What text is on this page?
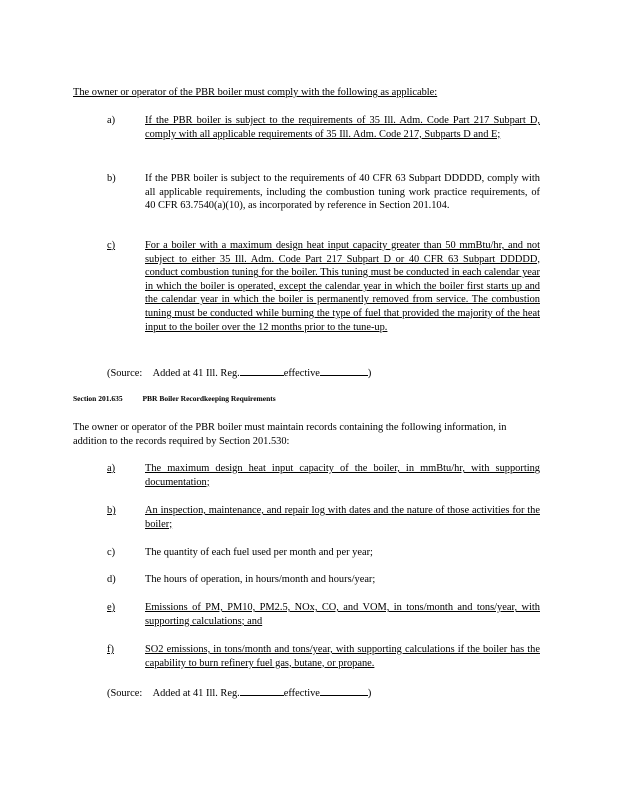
The owner or operator of the PBR boiler must comply with the following as applicable:
a)	If the PBR boiler is subject to the requirements of 35 Ill. Adm. Code Part 217 Subpart D, comply with all applicable requirements of 35 Ill. Adm. Code 217, Subparts D and E;
b)	If the PBR boiler is subject to the requirements of 40 CFR 63 Subpart DDDDD, comply with all applicable requirements, including the combustion tuning work practice requirements, of 40 CFR 63.7540(a)(10), as incorporated by reference in Section 201.104.
c)	For a boiler with a maximum design heat input capacity greater than 50 mmBtu/hr, and not subject to either 35 Ill. Adm. Code Part 217 Subpart D or 40 CFR 63 Subpart DDDDD, conduct combustion tuning for the boiler. This tuning must be conducted in each calendar year in which the boiler is operated, except the calendar year in which the boiler first starts up and the calendar year in which the boiler is permanently removed from service. The combustion tuning must be conducted while burning the type of fuel that provided the majority of the heat input to the boiler over the 12 months prior to the tune-up.
(Source: Added at 41 Ill. Reg.	effective	)
Section 201.635	PBR Boiler Recordkeeping Requirements

The owner or operator of the PBR boiler must maintain records containing the following information, in addition to the records required by Section 201.530:

a)	The maximum design heat input capacity of the boiler, in mmBtu/hr, with supporting documentation;
b)	An inspection, maintenance, and repair log with dates and the nature of those activities for the boiler;
c)	The quantity of each fuel used per month and per year;
d)	The hours of operation, in hours/month and hours/year;
e)	Emissions of PM, PM10, PM2.5, NOx, CO, and VOM, in tons/month and tons/year, with supporting calculations; and
f)	SO2 emissions, in tons/month and tons/year, with supporting calculations if the boiler has the capability to burn refinery fuel gas, butane, or propane.
(Source: Added at 41 Ill. Reg.	effective	)
